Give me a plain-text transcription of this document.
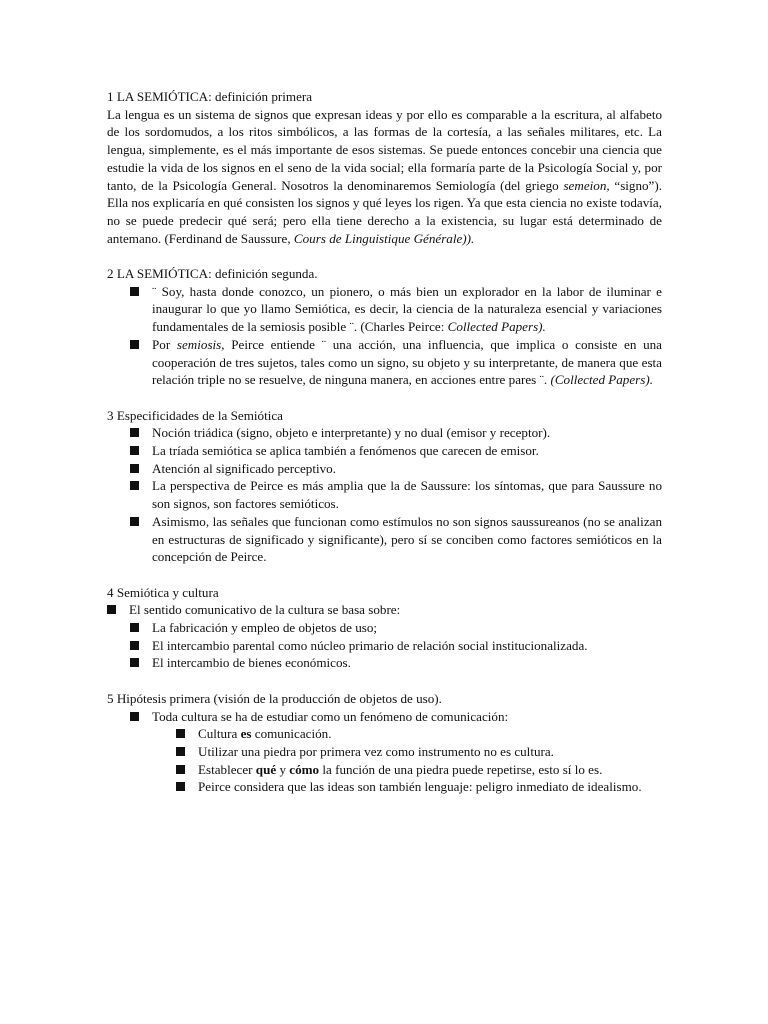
1 LA SEMIÓTICA: definición primera

La lengua es un sistema de signos que expresan ideas y por ello es comparable a la escritura, al alfabeto de los sordomudos, a los ritos simbólicos, a las formas de la cortesía, a las señales militares, etc. La lengua, simplemente, es el más importante de esos sistemas. Se puede entonces concebir una ciencia que estudie la vida de los signos en el seno de la vida social; ella formaría parte de la Psicología Social y, por tanto, de la Psicología General. Nosotros la denominaremos Semiología (del griego semeion, “signo”). Ella nos explicaría en qué consisten los signos y qué leyes los rigen. Ya que esta ciencia no existe todavía, no se puede predecir qué será; pero ella tiene derecho a la existencia, su lugar está determinado de antemano. (Ferdinand de Saussure, Cours de Linguistique Générale)).

2 LA SEMIÓTICA: definición segunda.

¨ Soy, hasta donde conozco, un pionero, o más bien un explorador en la labor de iluminar e inaugurar lo que yo llamo Semiótica, es decir, la ciencia de la naturaleza esencial y variaciones fundamentales de la semiosis posible ¨. (Charles Peirce: Collected Papers).
Por semiosis, Peirce entiende ¨ una acción, una influencia, que implica o consiste en una cooperación de tres sujetos, tales como un signo, su objeto y su interpretante, de manera que esta relación triple no se resuelve, de ninguna manera, en acciones entre pares ¨. (Collected Papers).

3 Especificidades de la Semiótica

Noción triádica (signo, objeto e interpretante) y no dual (emisor y receptor).
La tríada semiótica se aplica también a fenómenos que carecen de emisor.
Atención al significado perceptivo.
La perspectiva de Peirce es más amplia que la de Saussure: los síntomas, que para Saussure no son signos, son factores semióticos.
Asimismo, las señales que funcionan como estímulos no son signos saussureanos (no se analizan en estructuras de significado y significante), pero sí se conciben como factores semióticos en la concepción de Peirce.

4 Semiótica y cultura

El sentido comunicativo de la cultura se basa sobre:
La fabricación y empleo de objetos de uso;
El intercambio parental como núcleo primario de relación social institucionalizada.
El intercambio de bienes económicos.

5 Hipótesis primera (visión de la producción de objetos de uso).

Toda cultura se ha de estudiar como un fenómeno de comunicación:
Cultura es comunicación.
Utilizar una piedra por primera vez como instrumento no es cultura.
Establecer qué y cómo la función de una piedra puede repetirse, esto sí lo es.
Peirce considera que las ideas son también lenguaje: peligro inmediato de idealismo.
